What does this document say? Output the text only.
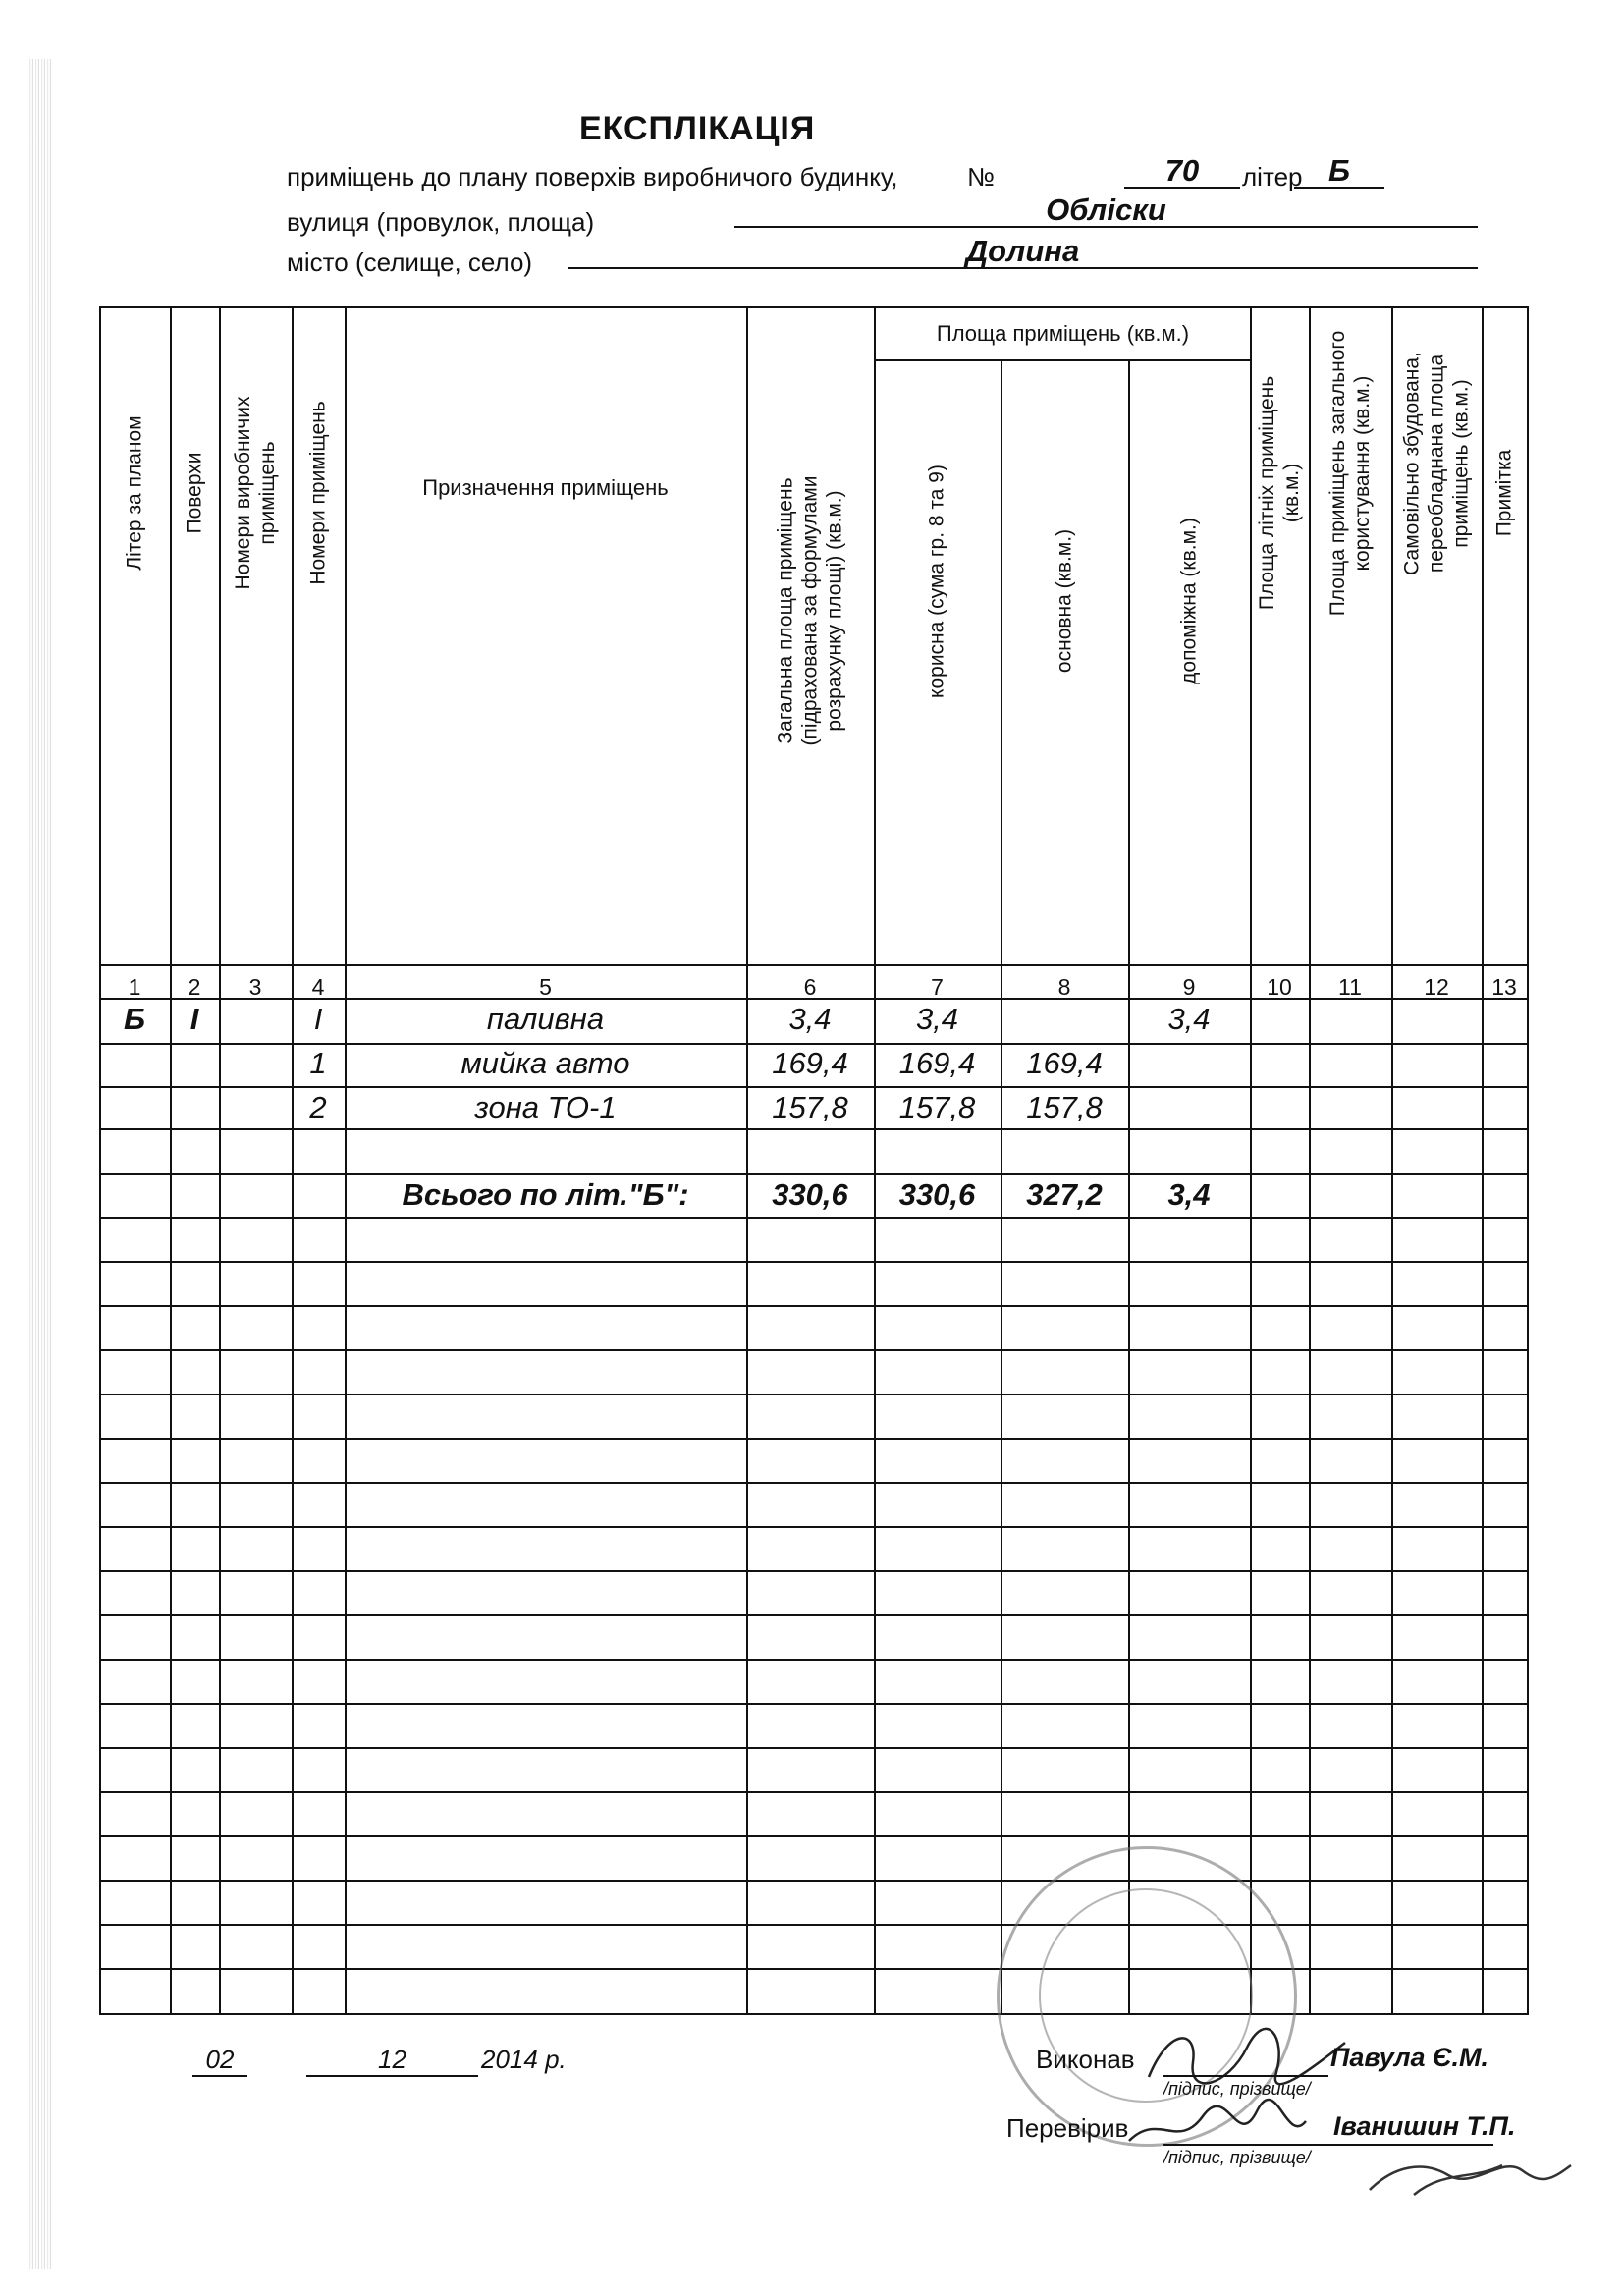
ЕКСПЛІКАЦІЯ
приміщень до плану поверхів виробничого будинку,	№	70	літер Б
вулиця (провулок, площа)	Облiски
місто (селище, село)	Долина
Літер за планом Поверхи Номери виробничих приміщень Номери приміщень	Призначення приміщень	Загальна площа приміщень (підрахована за формулами розрахунку площі) (кв.м.)
Площа приміщень (кв.м.)
корисна (сума гр. 8 та 9)	основна (кв.м.)	допоміжна (кв.м.)	Площа літніх приміщень (кв.м.) Площа приміщень загального користування (кв.м.) Самовільно збудована, переобладнана площа приміщень (кв.м.) Примітка
1	2	3	4	5	6	7	8	9	10	11	12	13
Б	I	I	паливна	3,4	3,4	3,4
1	мийка авто	169,4	169,4	169,4
2	зона ТО-1	157,8	157,8	157,8
Всього по літ."Б":	330,6	330,6	327,2	3,4
02	12	2014 р.	Виконав	Павула Є.М.
/підпис, прізвище/
Перевірив	Іванишин Т.П.
/підпис, прізвище/
